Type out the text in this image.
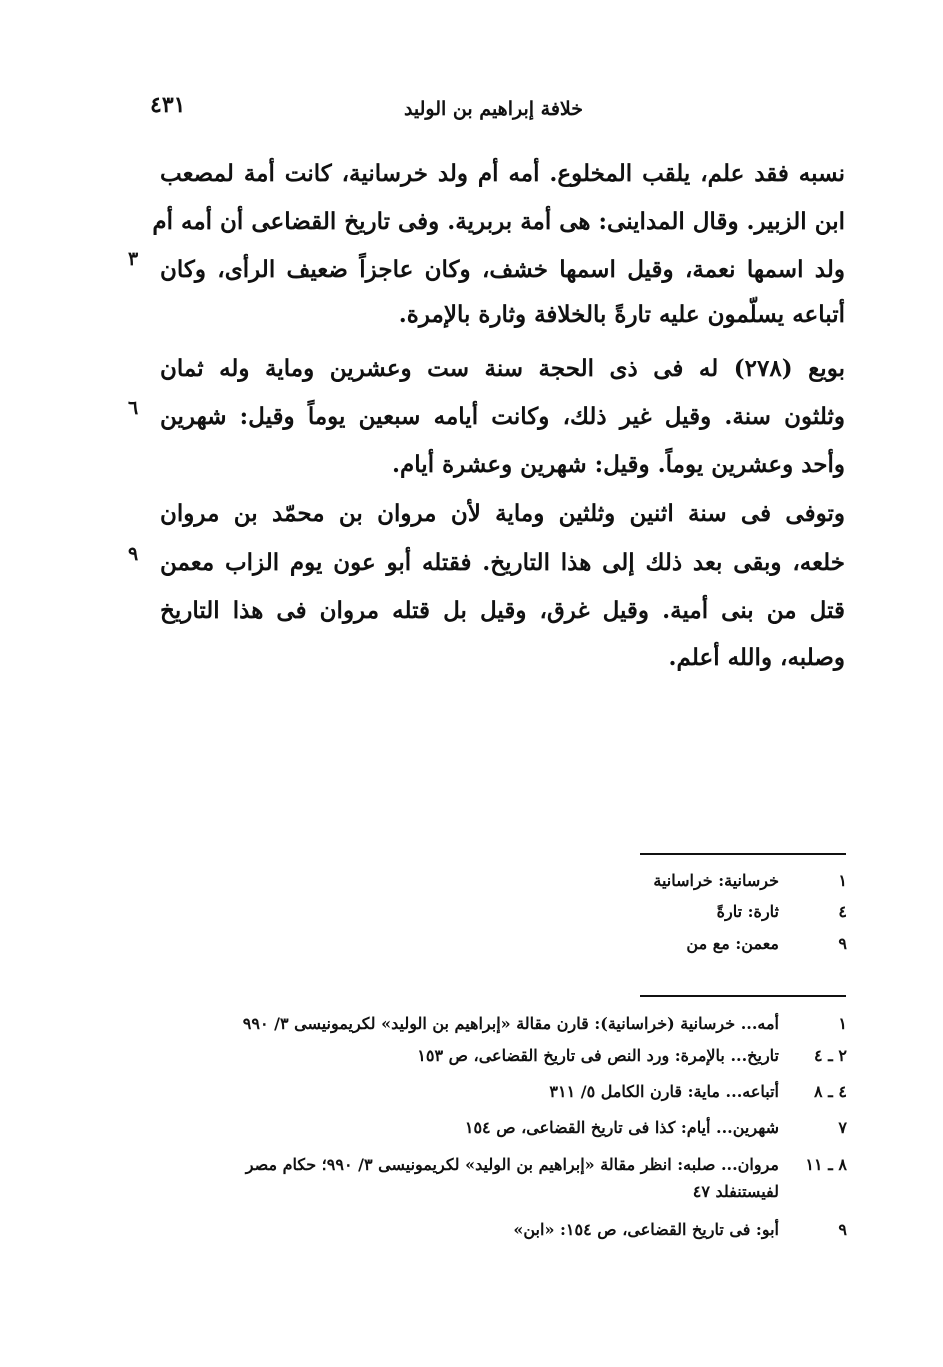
٤٣١	خلافة إبراهيم بن الوليد
نسبه فقد علم، يلقب المخلوع. أمه أم ولد خرسانية، كانت أمة لمصعب
ابن الزبير. وقال المداينى: هى أمة بربرية. وفى تاريخ القضاعى أن أمه أم
ولد اسمها نعمة، وقيل اسمها خشف، وكان عاجزاً ضعيف الرأى، وكان
أتباعه يسلّمون عليه تارةً بالخلافة وثارة بالإمرة.
بويع (٢٧٨) له فى ذى الحجة سنة ست وعشرين وماية وله ثمان
وثلثون سنة. وقيل غير ذلك، وكانت أيامه سبعين يوماً وقيل: شهرين
وأحد وعشرين يوماً. وقيل: شهرين وعشرة أيام.
وتوفى فى سنة اثنين وثلثين وماية لأن مروان بن محمّد بن مروان
خلعه، وبقى بعد ذلك إلى هذا التاريخ. فقتله أبو عون يوم الزاب معمن
قتل من بنى أمية. وقيل غرق، وقيل بل قتله مروان فى هذا التاريخ
وصلبه، والله أعلم.
٣
٦
٩
١
خرسانية: خراسانية
٤
ثارة: تارةً
٩
معمن: مع من
١
أمه... خرسانية (خراسانية): قارن مقالة «إبراهيم بن الوليد» لكريمونيسى ٣/ ٩٩٠
٢ ـ ٤
تاريخ... بالإمرة: ورد النص فى تاريخ القضاعى، ص ١٥٣
٤ ـ ٨
أتباعه... ماية: قارن الكامل ٥/ ٣١١
٧
شهرين... أيام: كذا فى تاريخ القضاعى، ص ١٥٤
٨ ـ ١١
مروان... صلبه: انظر مقالة «إبراهيم بن الوليد» لكريمونيسى ٣/ ٩٩٠؛ حكام مصر
لفيستنفلد ٤٧
٩
أبو: فى تاريخ القضاعى، ص ١٥٤: «ابن»
